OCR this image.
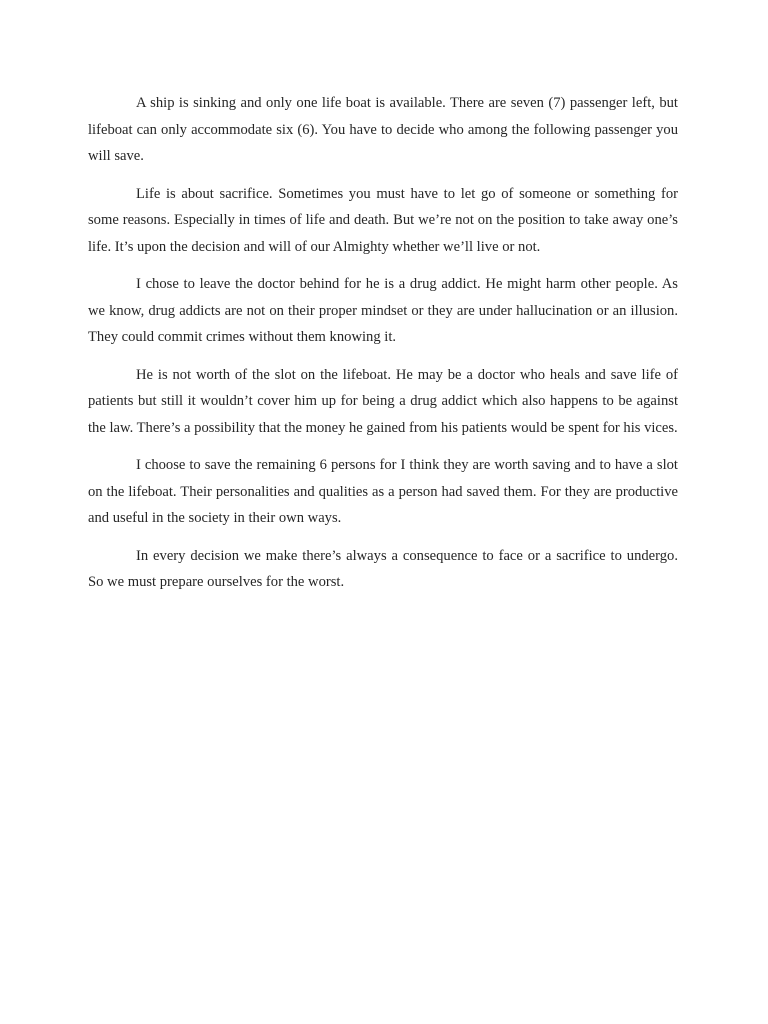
A ship is sinking and only one life boat is available. There are seven (7) passenger left, but lifeboat can only accommodate six (6). You have to decide who among the following passenger you will save.

Life is about sacrifice. Sometimes you must have to let go of someone or something for some reasons. Especially in times of life and death. But we’re not on the position to take away one’s life. It’s upon the decision and will of our Almighty whether we’ll live or not.

I chose to leave the doctor behind for he is a drug addict. He might harm other people. As we know, drug addicts are not on their proper mindset or they are under hallucination or an illusion. They could commit crimes without them knowing it.

He is not worth of the slot on the lifeboat. He may be a doctor who heals and save life of patients but still it wouldn’t cover him up for being a drug addict which also happens to be against the law. There’s a possibility that the money he gained from his patients would be spent for his vices.

I choose to save the remaining 6 persons for I think they are worth saving and to have a slot on the lifeboat. Their personalities and qualities as a person had saved them. For they are productive and useful in the society in their own ways.

In every decision we make there’s always a consequence to face or a sacrifice to undergo. So we must prepare ourselves for the worst.
